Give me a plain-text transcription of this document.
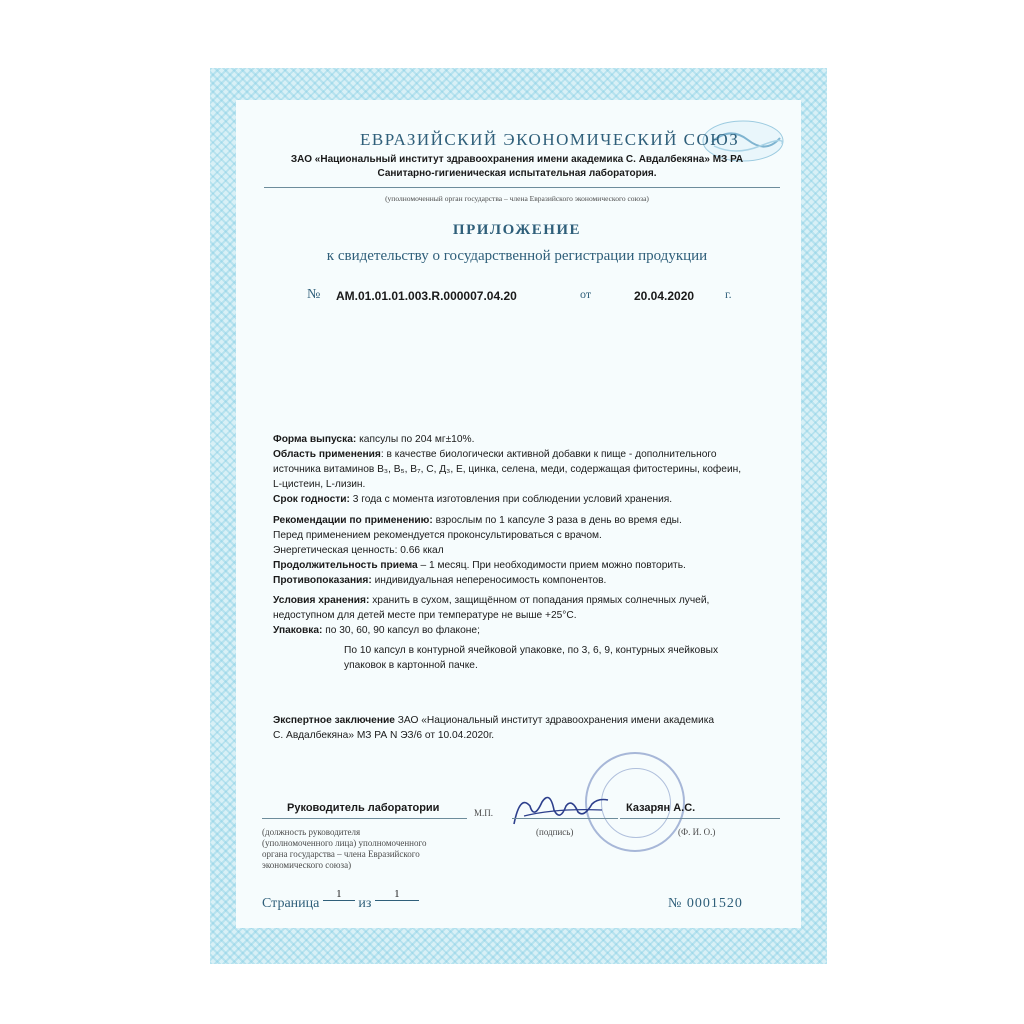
ЕВРАЗИЙСКИЙ ЭКОНОМИЧЕСКИЙ СОЮЗ
ЗАО «Национальный институт здравоохранения имени академика С. Авдалбекяна» МЗ РА
Санитарно-гигиеническая испытательная лаборатория.
(уполномоченный орган государства – члена Евразийского экономического союза)
ПРИЛОЖЕНИЕ
к свидетельству о государственной регистрации продукции
№ AM.01.01.01.003.R.000007.04.20	от	20.04.2020	г.
Форма выпуска: капсулы по 204 мг±10%.
Область применения: в качестве биологически активной добавки к пище - дополнительного
источника витаминов B₃, B₅, B₇, C, Д₃, E, цинка, селена, меди, содержащая фитостерины, кофеин,
L-цистеин, L-лизин.
Срок годности: 3 года с момента изготовления при соблюдении условий хранения.
Рекомендации по применению: взрослым по 1 капсуле 3 раза в день во время еды.
Перед применением рекомендуется проконсультироваться с врачом.
Энергетическая ценность: 0.66 ккал
Продолжительность приема – 1 месяц. При необходимости прием можно повторить.
Противопоказания: индивидуальная непереносимость компонентов.
Условия хранения: хранить в сухом, защищённом от попадания прямых солнечных лучей,
недоступном для детей месте при температуре не выше +25°С.
Упаковка: по 30, 60, 90 капсул во флаконе;
По 10 капсул в контурной ячейковой упаковке, по 3, 6, 9, контурных ячейковых
упаковок в картонной пачке.
Экспертное заключение ЗАО «Национальный институт здравоохранения имени академика
С. Авдалбекяна» МЗ РА N ЭЗ/6 от 10.04.2020г.
Руководитель лаборатории	М.П.	Казарян А.С.
(должность руководителя
(уполномоченного лица) уполномоченного
органа государства – члена Евразийского
экономического союза)
(подпись)	(Ф. И. О.)
Страница 1 из 1
№ 0001520
